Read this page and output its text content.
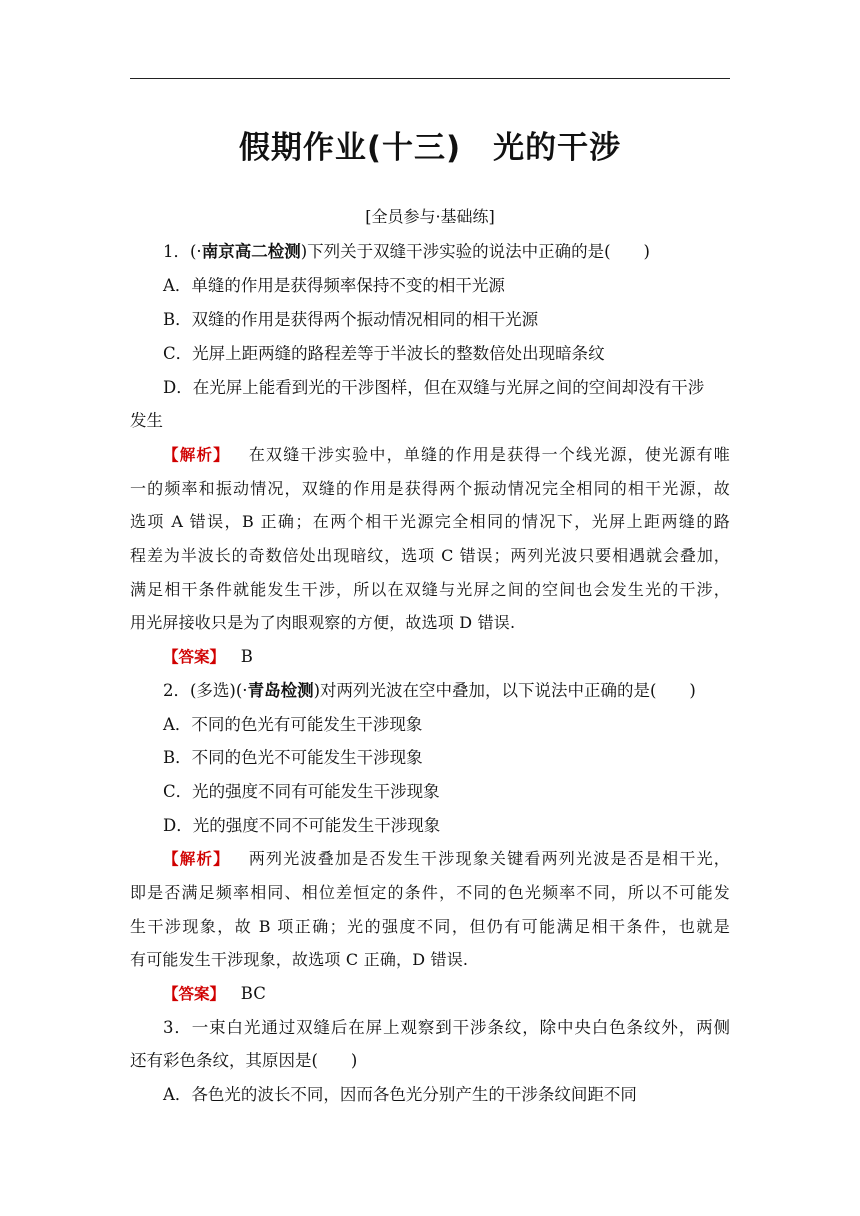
假期作业(十三)　光的干涉
[全员参与·基础练]
1．(·南京高二检测)下列关于双缝干涉实验的说法中正确的是(　　)
A．单缝的作用是获得频率保持不变的相干光源
B．双缝的作用是获得两个振动情况相同的相干光源
C．光屏上距两缝的路程差等于半波长的整数倍处出现暗条纹
D．在光屏上能看到光的干涉图样，但在双缝与光屏之间的空间却没有干涉
发生
【解析】 在双缝干涉实验中，单缝的作用是获得一个线光源，使光源有唯
一的频率和振动情况，双缝的作用是获得两个振动情况完全相同的相干光源，故
选项 A 错误，B 正确；在两个相干光源完全相同的情况下，光屏上距两缝的路
程差为半波长的奇数倍处出现暗纹，选项 C 错误；两列光波只要相遇就会叠加，
满足相干条件就能发生干涉，所以在双缝与光屏之间的空间也会发生光的干涉，
用光屏接收只是为了肉眼观察的方便，故选项 D 错误.
【答案】 B
2．(多选)(·青岛检测)对两列光波在空中叠加，以下说法中正确的是(　　)
A．不同的色光有可能发生干涉现象
B．不同的色光不可能发生干涉现象
C．光的强度不同有可能发生干涉现象
D．光的强度不同不可能发生干涉现象
【解析】 两列光波叠加是否发生干涉现象关键看两列光波是否是相干光，
即是否满足频率相同、相位差恒定的条件，不同的色光频率不同，所以不可能发
生干涉现象，故 B 项正确；光的强度不同，但仍有可能满足相干条件，也就是
有可能发生干涉现象，故选项 C 正确，D 错误.
【答案】 BC
3．一束白光通过双缝后在屏上观察到干涉条纹，除中央白色条纹外，两侧
还有彩色条纹，其原因是(　　)
A．各色光的波长不同，因而各色光分别产生的干涉条纹间距不同
